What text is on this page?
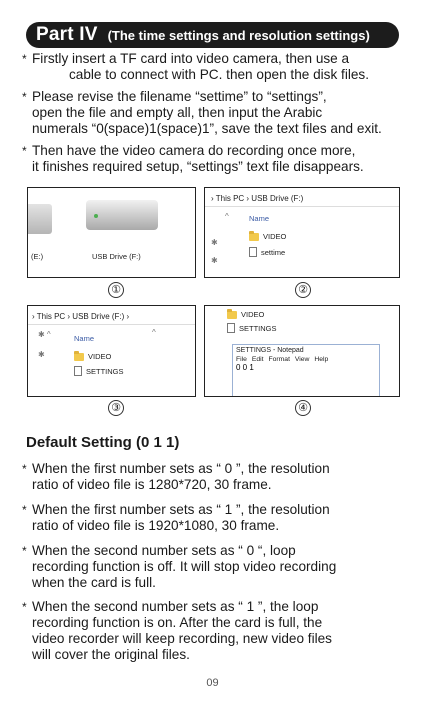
Part IV (The time settings and resolution settings)
* Firstly insert a TF card into video camera, then use a
cable to connect with PC. then open the disk files.
* Please revise the filename “settime” to “settings”,
open the file and empty all, then input the Arabic
numerals “0(space)1(space)1”, save the text files and exit.
* Then have the video camera do recording once more,
it finishes required setup, “settings” text file disappears.
(E:)	USB Drive (F:)
①
› This PC › USB Drive (F:)
^	Name
✱
✱
VIDEO
settime
②
› This PC › USB Drive (F:) ›
✱ ^	Name
^
✱	VIDEO
SETTINGS
③
VIDEO
SETTINGS
SETTINGS - Notepad
File Edit Format View Help
0 0 1
④
Default Setting (0 1 1)
* When the first number sets as “ 0 ”, the resolution
ratio of video file is 1280*720, 30 frame.
* When the first number sets as “ 1 ”, the resolution
ratio of video file is 1920*1080, 30 frame.
* When the second number sets as “ 0 “, loop
recording function is off. It will stop video recording
when the card is full.
* When the second number sets as “ 1 ”, the loop
recording function is on. After the card is full, the
video recorder will keep recording, new video files
will cover the original files.
09
